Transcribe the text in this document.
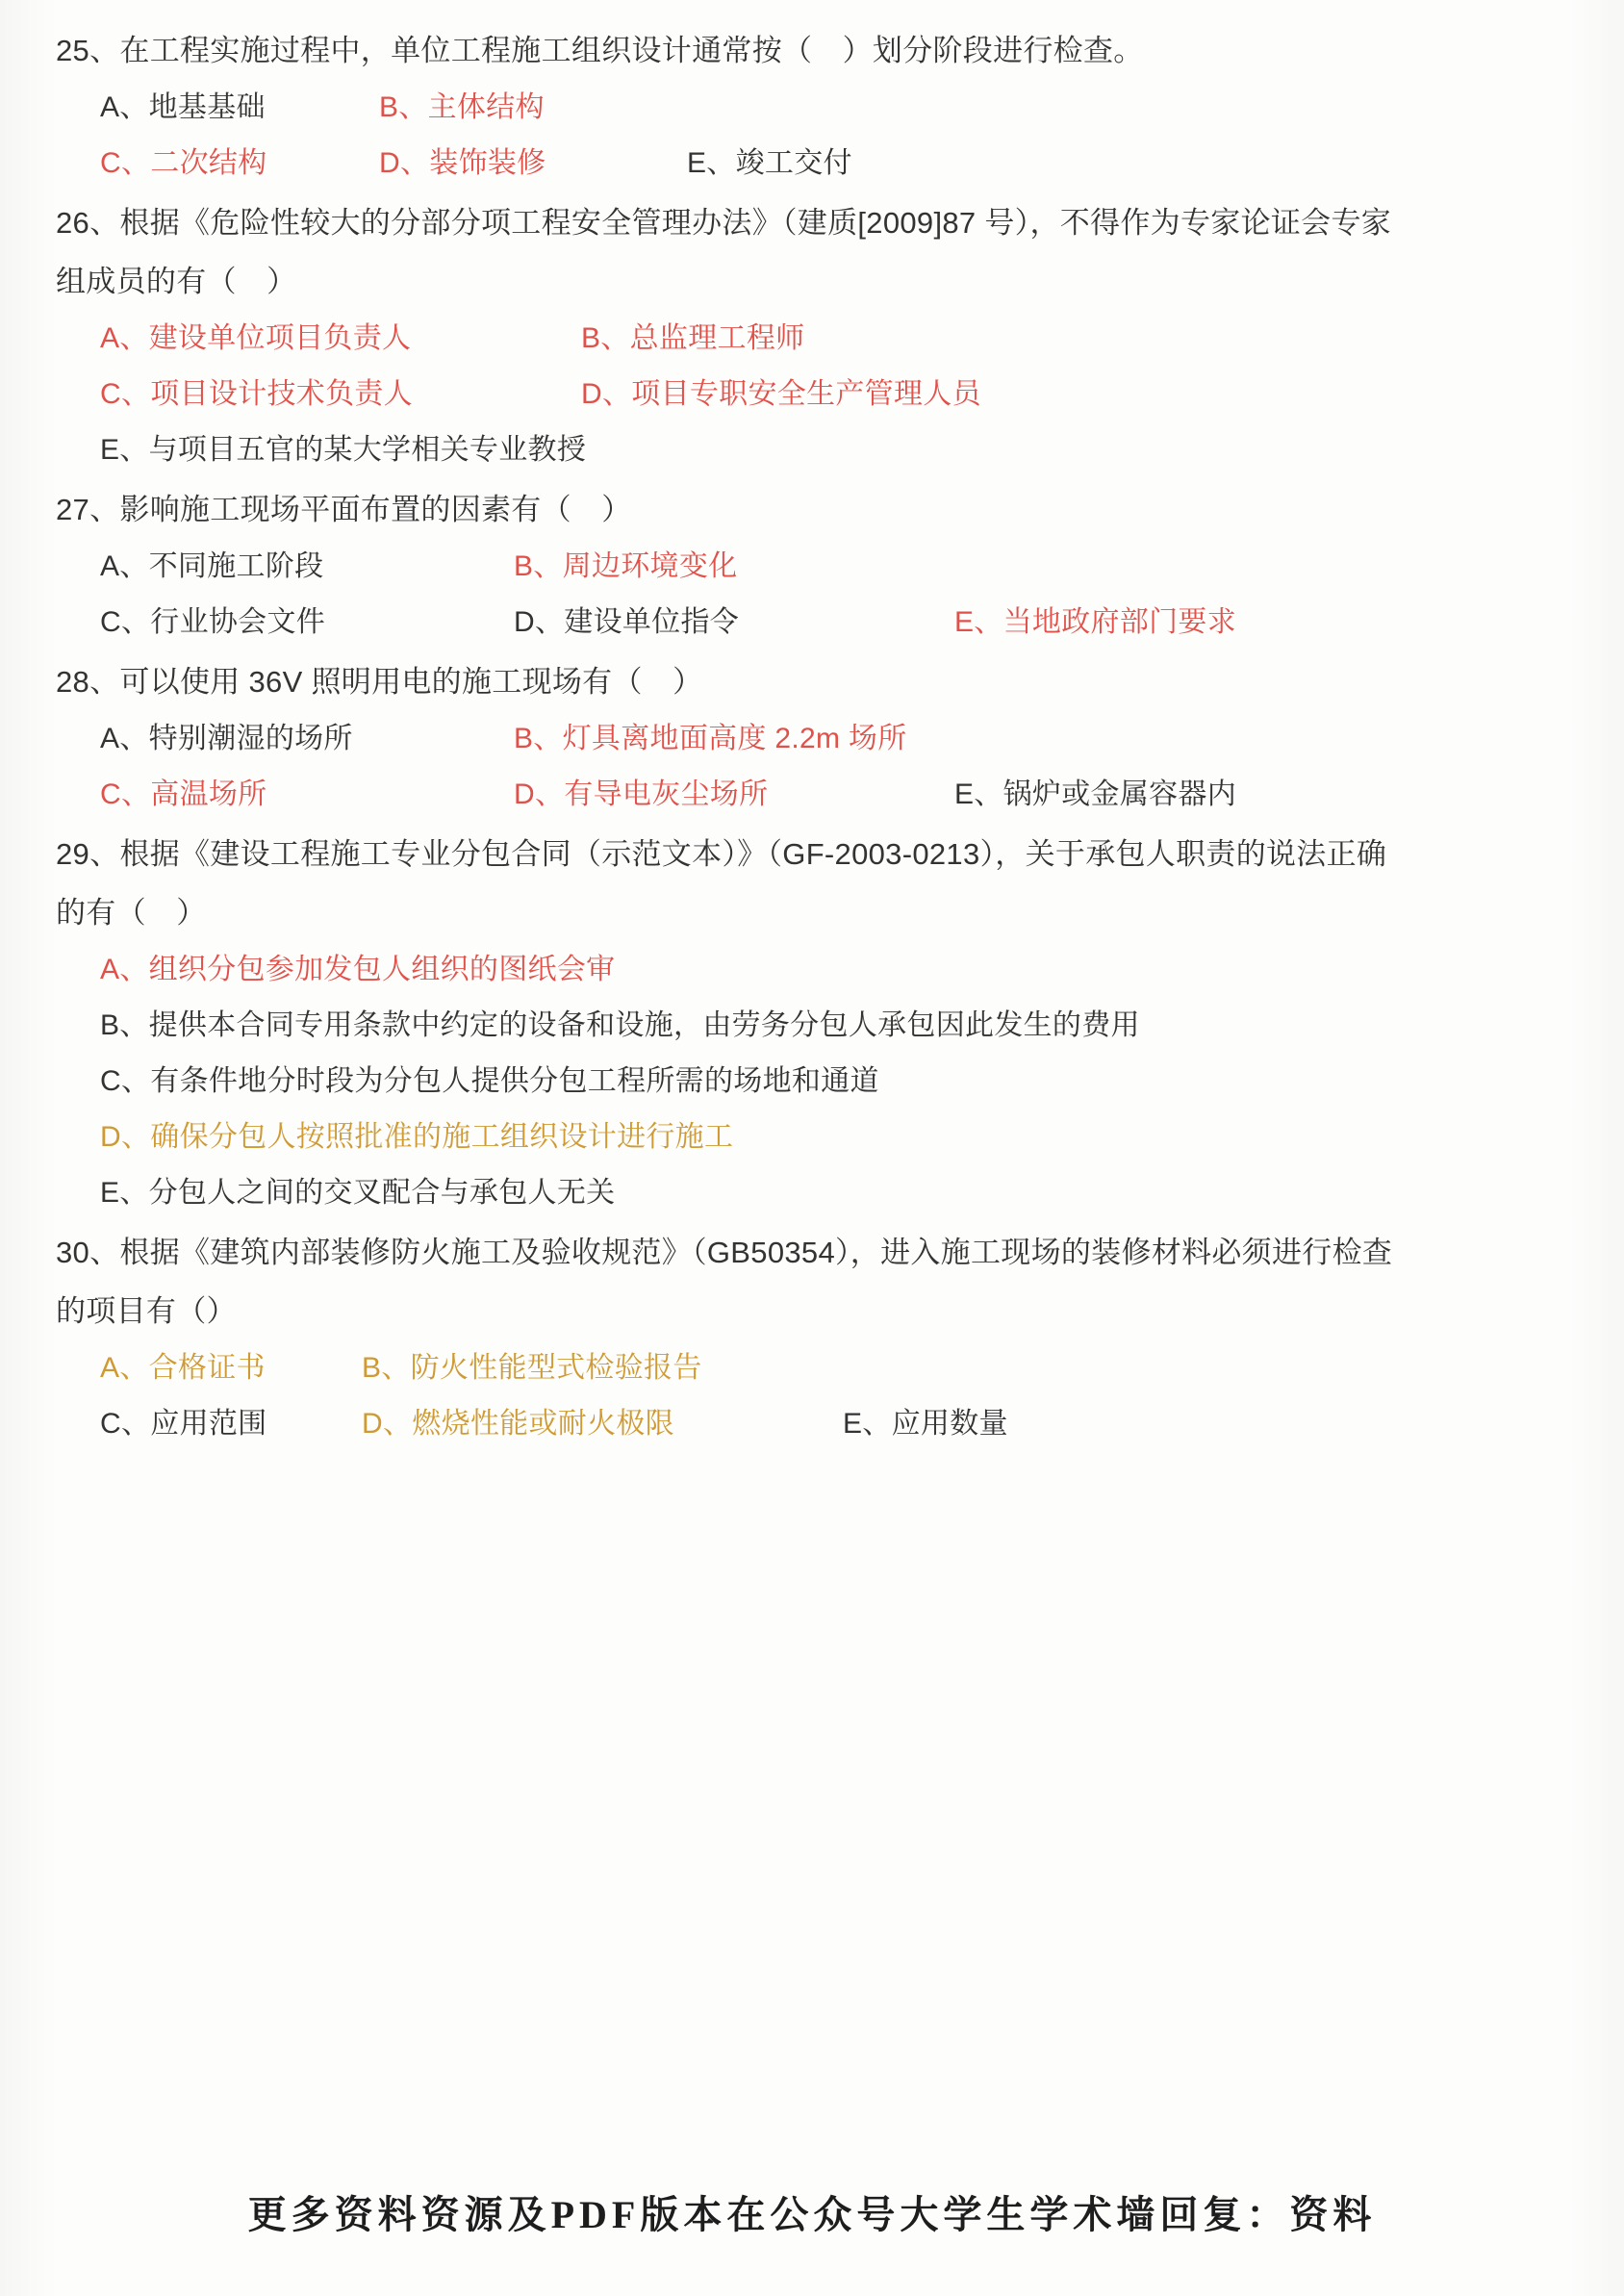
25、在工程实施过程中，单位工程施工组织设计通常按（　）划分阶段进行检查。
A、地基基础	B、主体结构
C、二次结构	D、装饰装修	E、竣工交付
26、根据《危险性较大的分部分项工程安全管理办法》（建质[2009]87 号），不得作为专家论证会专家
组成员的有（　）
A、建设单位项目负责人	B、总监理工程师
C、项目设计技术负责人	D、项目专职安全生产管理人员
E、与项目五官的某大学相关专业教授
27、影响施工现场平面布置的因素有（　）
A、不同施工阶段	B、周边环境变化
C、行业协会文件	D、建设单位指令	E、当地政府部门要求
28、可以使用 36V 照明用电的施工现场有（　）
A、特别潮湿的场所	B、灯具离地面高度 2.2m 场所
C、高温场所	D、有导电灰尘场所	E、锅炉或金属容器内
29、根据《建设工程施工专业分包合同（示范文本）》（GF-2003-0213），关于承包人职责的说法正确
的有（　）
A、组织分包参加发包人组织的图纸会审
B、提供本合同专用条款中约定的设备和设施，由劳务分包人承包因此发生的费用
C、有条件地分时段为分包人提供分包工程所需的场地和通道
D、确保分包人按照批准的施工组织设计进行施工
E、分包人之间的交叉配合与承包人无关
30、根据《建筑内部装修防火施工及验收规范》（GB50354），进入施工现场的装修材料必须进行检查
的项目有（）
A、合格证书	B、防火性能型式检验报告
C、应用范围	D、燃烧性能或耐火极限	E、应用数量
更多资料资源及PDF版本在公众号大学生学术墙回复：资料
